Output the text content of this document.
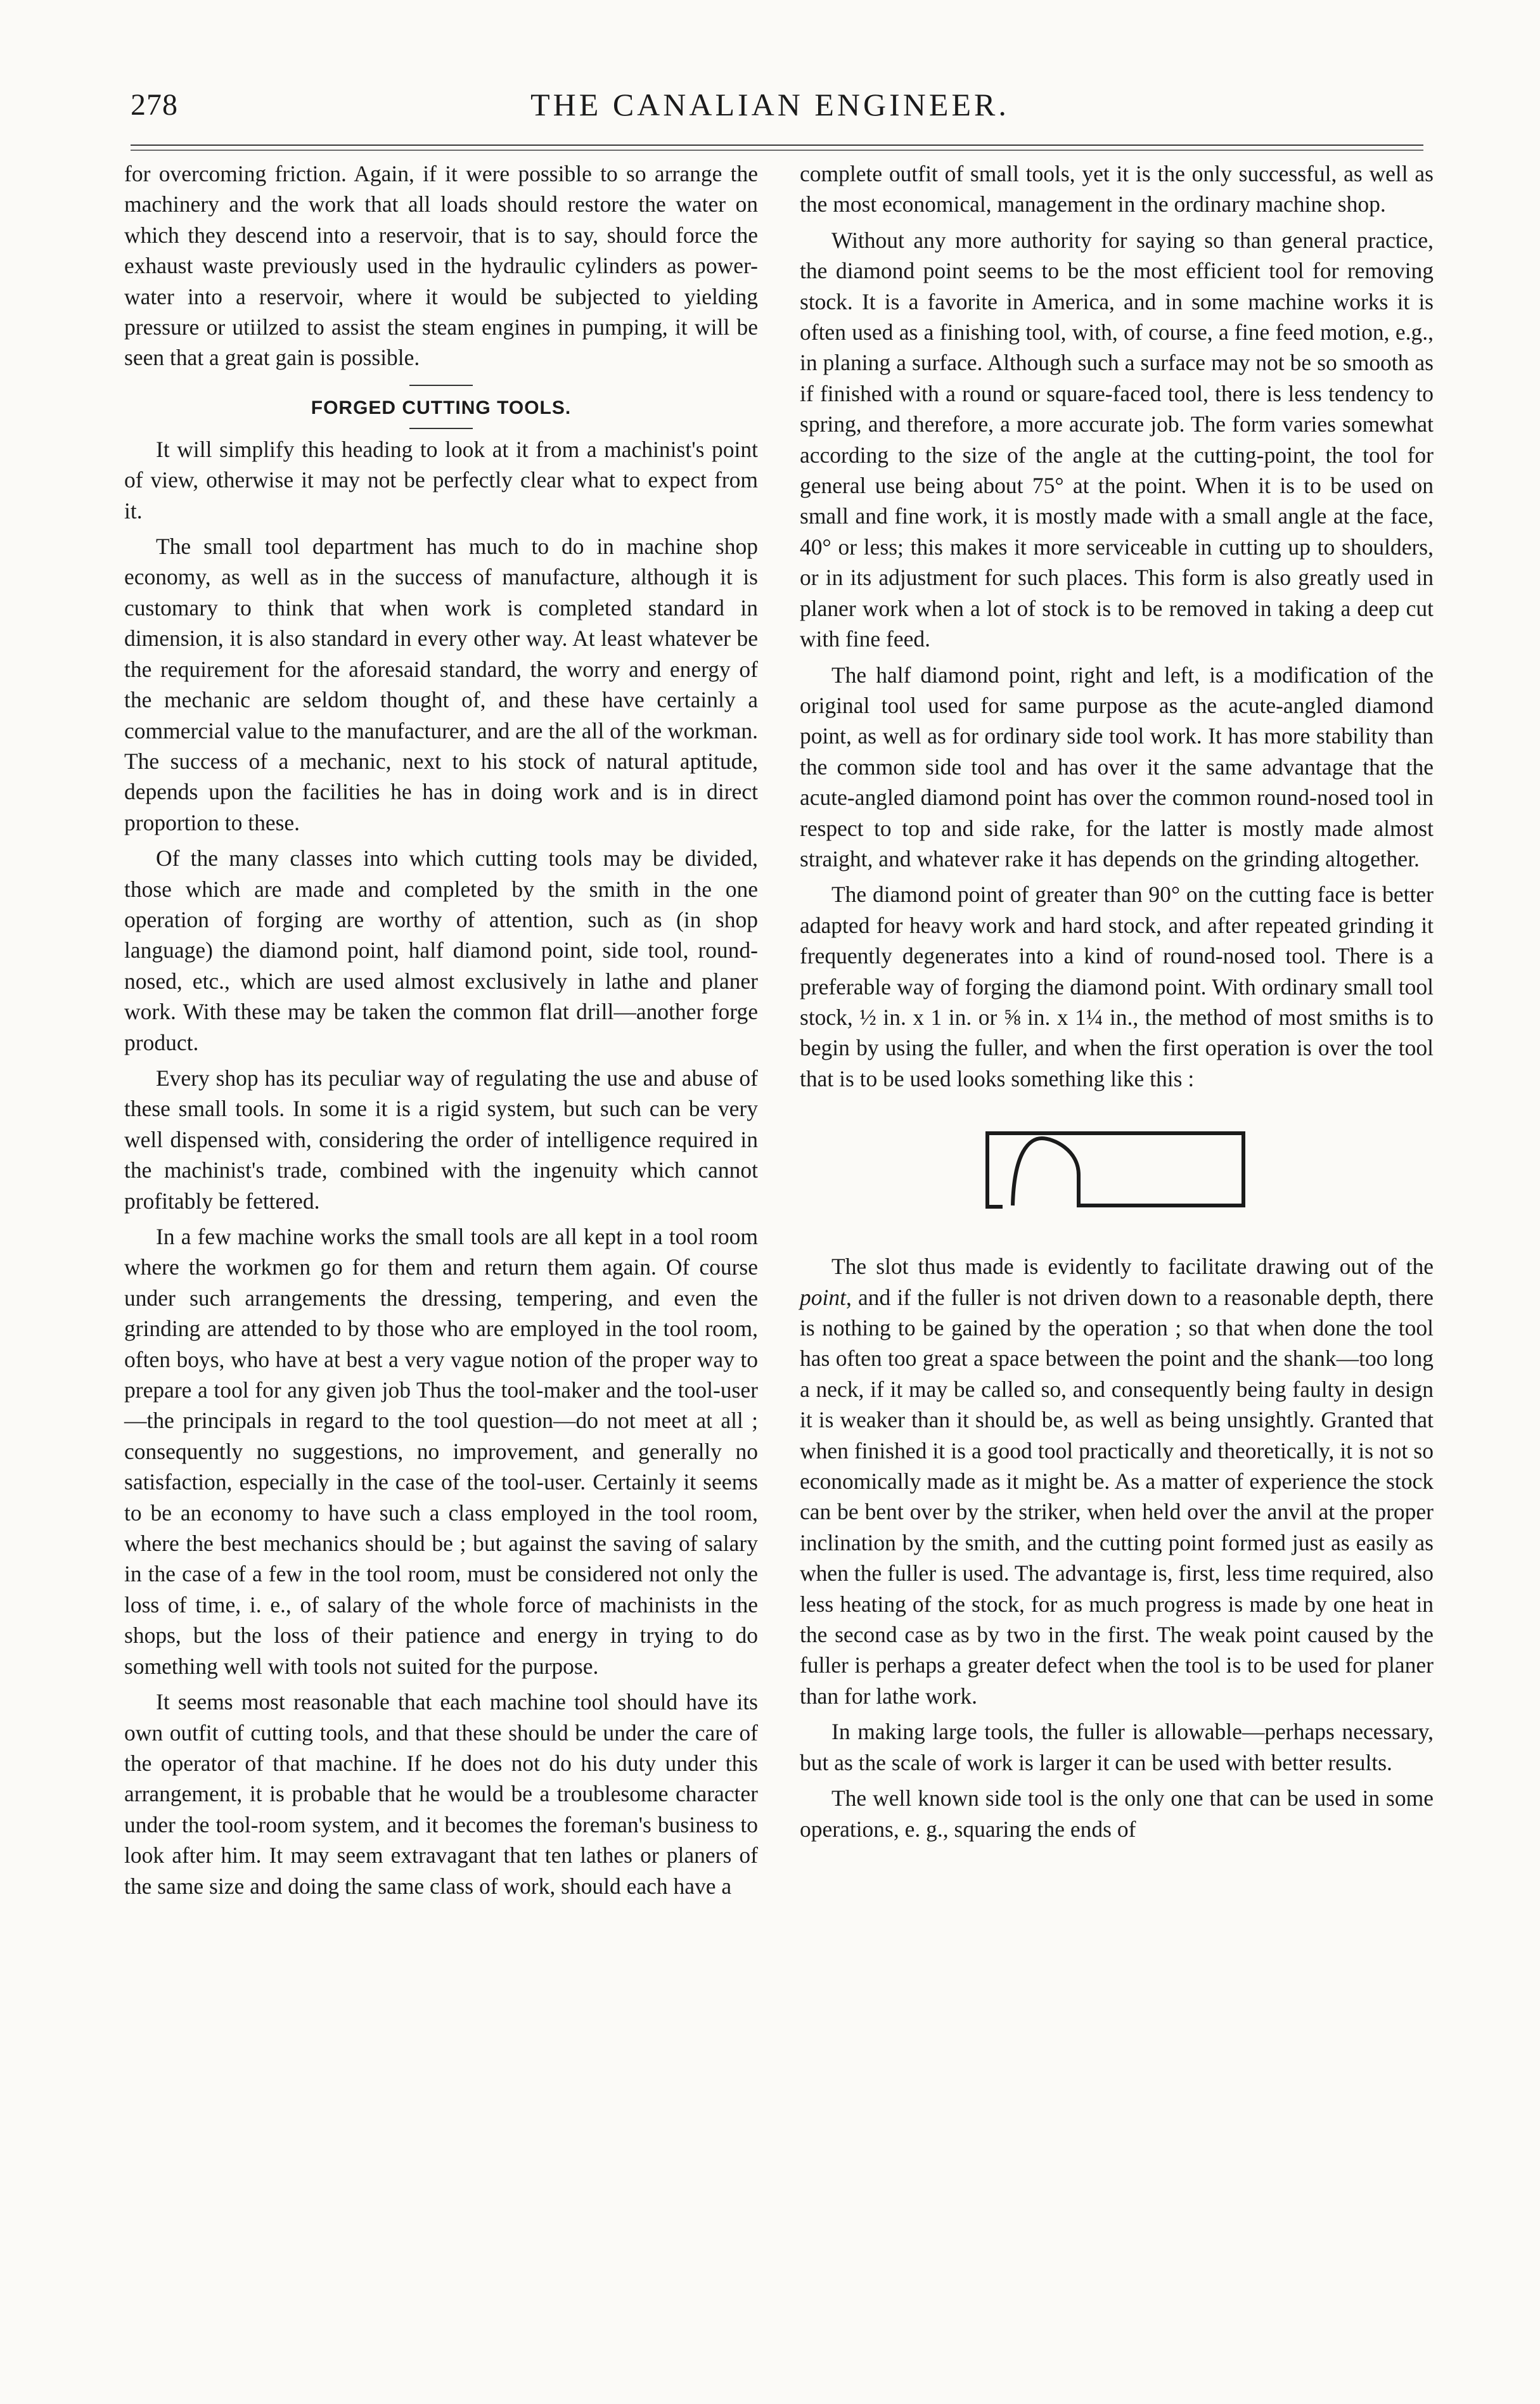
278	THE CANALIAN ENGINEER.

for overcoming friction. Again, if it were possible to so arrange the machinery and the work that all loads should restore the water on which they descend into a reservoir, that is to say, should force the exhaust waste previously used in the hydraulic cylinders as power-water into a reservoir, where it would be subjected to yielding pressure or utiilzed to assist the steam engines in pumping, it will be seen that a great gain is possible.

FORGED CUTTING TOOLS.

It will simplify this heading to look at it from a machinist's point of view, otherwise it may not be perfectly clear what to expect from it.

The small tool department has much to do in machine shop economy, as well as in the success of manufacture, although it is customary to think that when work is completed standard in dimension, it is also standard in every other way. At least whatever be the requirement for the aforesaid standard, the worry and energy of the mechanic are seldom thought of, and these have certainly a commercial value to the manufacturer, and are the all of the workman. The success of a mechanic, next to his stock of natural aptitude, depends upon the facilities he has in doing work and is in direct proportion to these.

Of the many classes into which cutting tools may be divided, those which are made and completed by the smith in the one operation of forging are worthy of attention, such as (in shop language) the diamond point, half diamond point, side tool, round-nosed, etc., which are used almost exclusively in lathe and planer work. With these may be taken the common flat drill—another forge product.

Every shop has its peculiar way of regulating the use and abuse of these small tools. In some it is a rigid system, but such can be very well dispensed with, considering the order of intelligence required in the machinist's trade, combined with the ingenuity which cannot profitably be fettered.

In a few machine works the small tools are all kept in a tool room where the workmen go for them and return them again. Of course under such arrangements the dressing, tempering, and even the grinding are attended to by those who are employed in the tool room, often boys, who have at best a very vague notion of the proper way to prepare a tool for any given job Thus the tool-maker and the tool-user—the principals in regard to the tool question—do not meet at all ; consequently no suggestions, no improvement, and generally no satisfaction, especially in the case of the tool-user. Certainly it seems to be an economy to have such a class employed in the tool room, where the best mechanics should be ; but against the saving of salary in the case of a few in the tool room, must be considered not only the loss of time, i. e., of salary of the whole force of machinists in the shops, but the loss of their patience and energy in trying to do something well with tools not suited for the purpose.

It seems most reasonable that each machine tool should have its own outfit of cutting tools, and that these should be under the care of the operator of that machine. If he does not do his duty under this arrangement, it is probable that he would be a troublesome character under the tool-room system, and it becomes the foreman's business to look after him. It may seem extravagant that ten lathes or planers of the same size and doing the same class of work, should each have a

complete outfit of small tools, yet it is the only successful, as well as the most economical, management in the ordinary machine shop.

Without any more authority for saying so than general practice, the diamond point seems to be the most efficient tool for removing stock. It is a favorite in America, and in some machine works it is often used as a finishing tool, with, of course, a fine feed motion, e.g., in planing a surface. Although such a surface may not be so smooth as if finished with a round or square-faced tool, there is less tendency to spring, and therefore, a more accurate job. The form varies somewhat according to the size of the angle at the cutting-point, the tool for general use being about 75° at the point. When it is to be used on small and fine work, it is mostly made with a small angle at the face, 40° or less; this makes it more serviceable in cutting up to shoulders, or in its adjustment for such places. This form is also greatly used in planer work when a lot of stock is to be removed in taking a deep cut with fine feed.

The half diamond point, right and left, is a modification of the original tool used for same purpose as the acute-angled diamond point, as well as for ordinary side tool work. It has more stability than the common side tool and has over it the same advantage that the acute-angled diamond point has over the common round-nosed tool in respect to top and side rake, for the latter is mostly made almost straight, and whatever rake it has depends on the grinding altogether.

The diamond point of greater than 90° on the cutting face is better adapted for heavy work and hard stock, and after repeated grinding it frequently degenerates into a kind of round-nosed tool. There is a preferable way of forging the diamond point. With ordinary small tool stock, ½ in. x 1 in. or ⅝ in. x 1¼ in., the method of most smiths is to begin by using the fuller, and when the first operation is over the tool that is to be used looks something like this :

The slot thus made is evidently to facilitate drawing out of the point, and if the fuller is not driven down to a reasonable depth, there is nothing to be gained by the operation ; so that when done the tool has often too great a space between the point and the shank—too long a neck, if it may be called so, and consequently being faulty in design it is weaker than it should be, as well as being unsightly. Granted that when finished it is a good tool practically and theoretically, it is not so economically made as it might be. As a matter of experience the stock can be bent over by the striker, when held over the anvil at the proper inclination by the smith, and the cutting point formed just as easily as when the fuller is used. The advantage is, first, less time required, also less heating of the stock, for as much progress is made by one heat in the second case as by two in the first. The weak point caused by the fuller is perhaps a greater defect when the tool is to be used for planer than for lathe work.

In making large tools, the fuller is allowable—perhaps necessary, but as the scale of work is larger it can be used with better results.

The well known side tool is the only one that can be used in some operations, e. g., squaring the ends of
